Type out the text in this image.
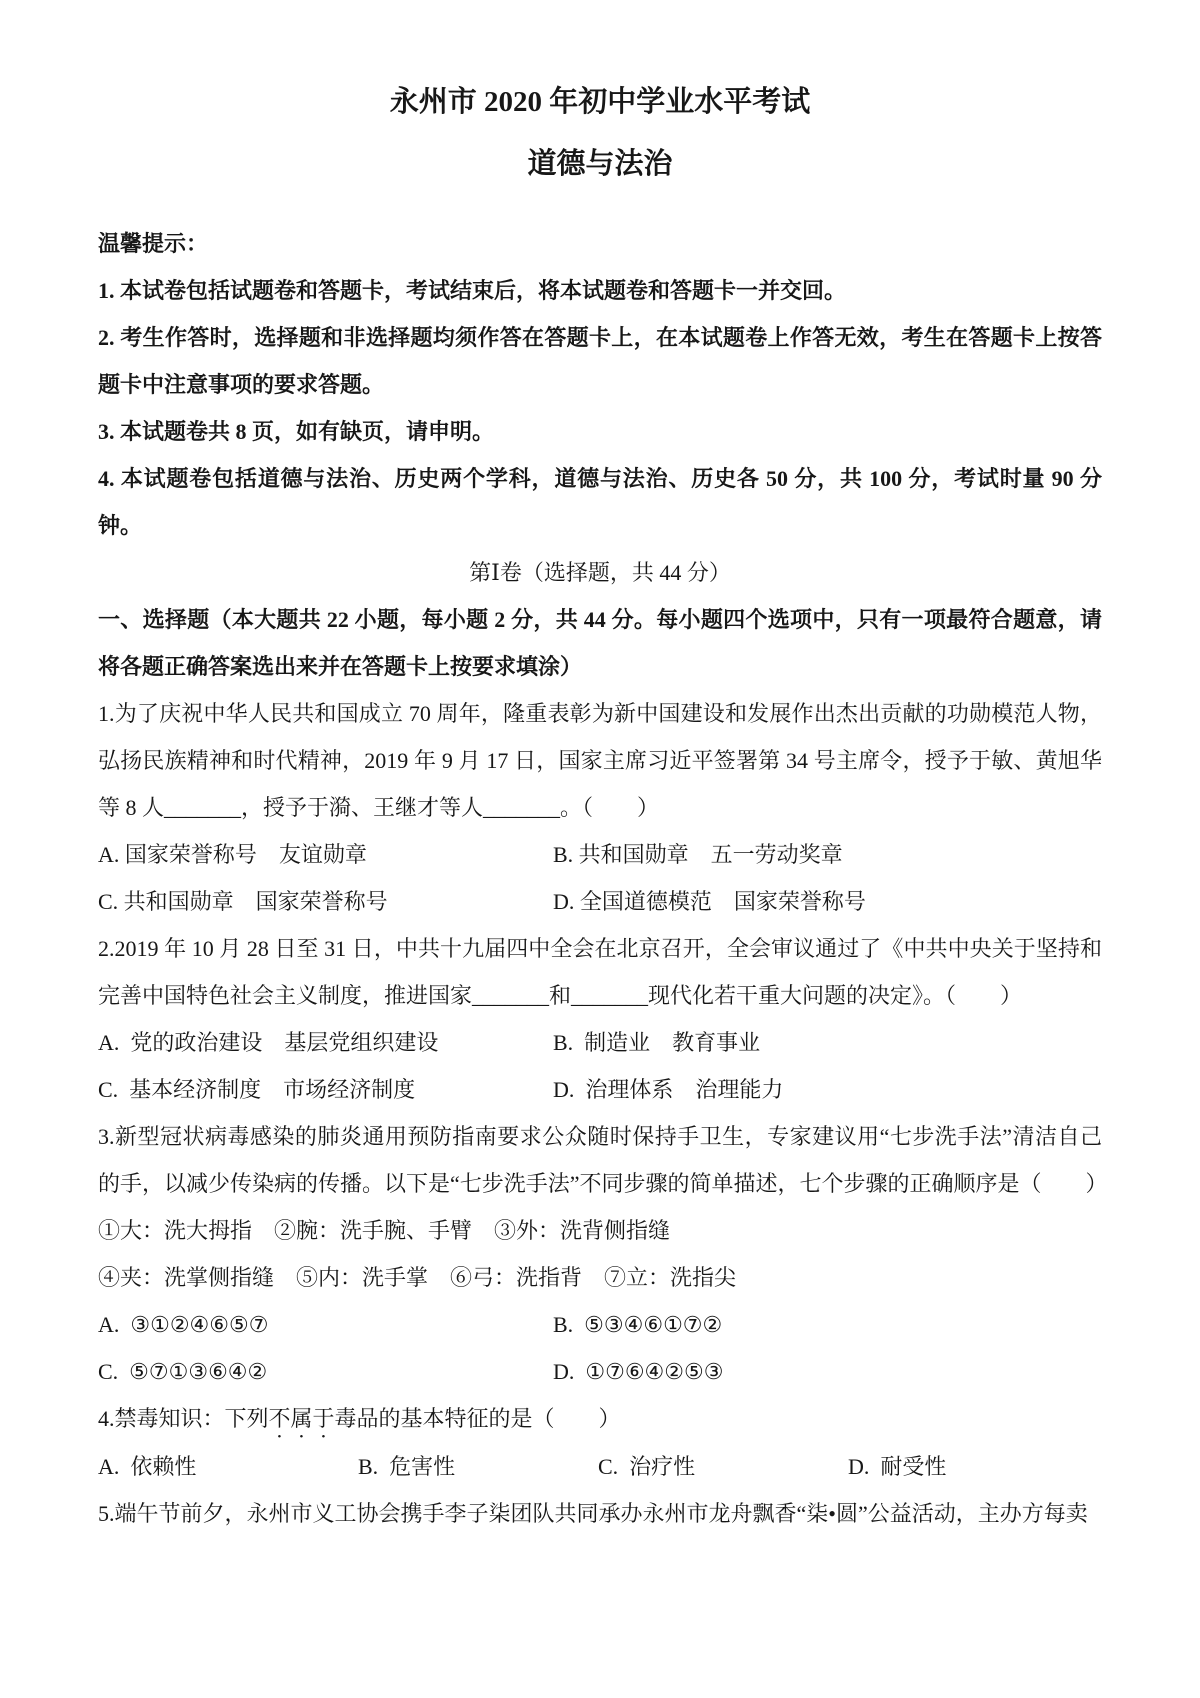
永州市 2020 年初中学业水平考试
道德与法治

温馨提示：

1. 本试卷包括试题卷和答题卡，考试结束后，将本试题卷和答题卡一并交回。

2. 考生作答时，选择题和非选择题均须作答在答题卡上，在本试题卷上作答无效，考生在答题卡上按答题卡中注意事项的要求答题。

3. 本试题卷共 8 页，如有缺页，请申明。

4. 本试题卷包括道德与法治、历史两个学科，道德与法治、历史各 50 分，共 100 分，考试时量 90 分钟。

第Ⅰ卷（选择题，共 44 分）

一、选择题（本大题共 22 小题，每小题 2 分，共 44 分。每小题四个选项中，只有一项最符合题意，请将各题正确答案选出来并在答题卡上按要求填涂）

1.为了庆祝中华人民共和国成立 70 周年，隆重表彰为新中国建设和发展作出杰出贡献的功勋模范人物，弘扬民族精神和时代精神，2019 年 9 月 17 日，国家主席习近平签署第 34 号主席令，授予于敏、黄旭华等 8 人_______，授予于漪、王继才等人_______。（　　）

A. 国家荣誉称号　友谊勋章	B. 共和国勋章　五一劳动奖章
C. 共和国勋章　国家荣誉称号	D. 全国道德模范　国家荣誉称号

2.2019 年 10 月 28 日至 31 日，中共十九届四中全会在北京召开，全会审议通过了《中共中央关于坚持和完善中国特色社会主义制度，推进国家_______和_______现代化若干重大问题的决定》。（　　）

A.  党的政治建设　基层党组织建设	B.  制造业　教育事业
C.  基本经济制度　市场经济制度	D.  治理体系　治理能力

3.新型冠状病毒感染的肺炎通用预防指南要求公众随时保持手卫生，专家建议用“七步洗手法”清洁自己的手，以减少传染病的传播。以下是“七步洗手法”不同步骤的简单描述，七个步骤的正确顺序是（　　）

①大：洗大拇指　②腕：洗手腕、手臂　③外：洗背侧指缝

④夹：洗掌侧指缝　⑤内：洗手掌　⑥弓：洗指背　⑦立：洗指尖

A.  ③①②④⑥⑤⑦	B.  ⑤③④⑥①⑦②
C.  ⑤⑦①③⑥④②	D.  ①⑦⑥④②⑤③

4.禁毒知识：下列不属于毒品的基本特征的是（　　）

A.  依赖性	B.  危害性	C.  治疗性	D.  耐受性

5.端午节前夕，永州市义工协会携手李子柒团队共同承办永州市龙舟飘香“柒•圆”公益活动，主办方每卖
